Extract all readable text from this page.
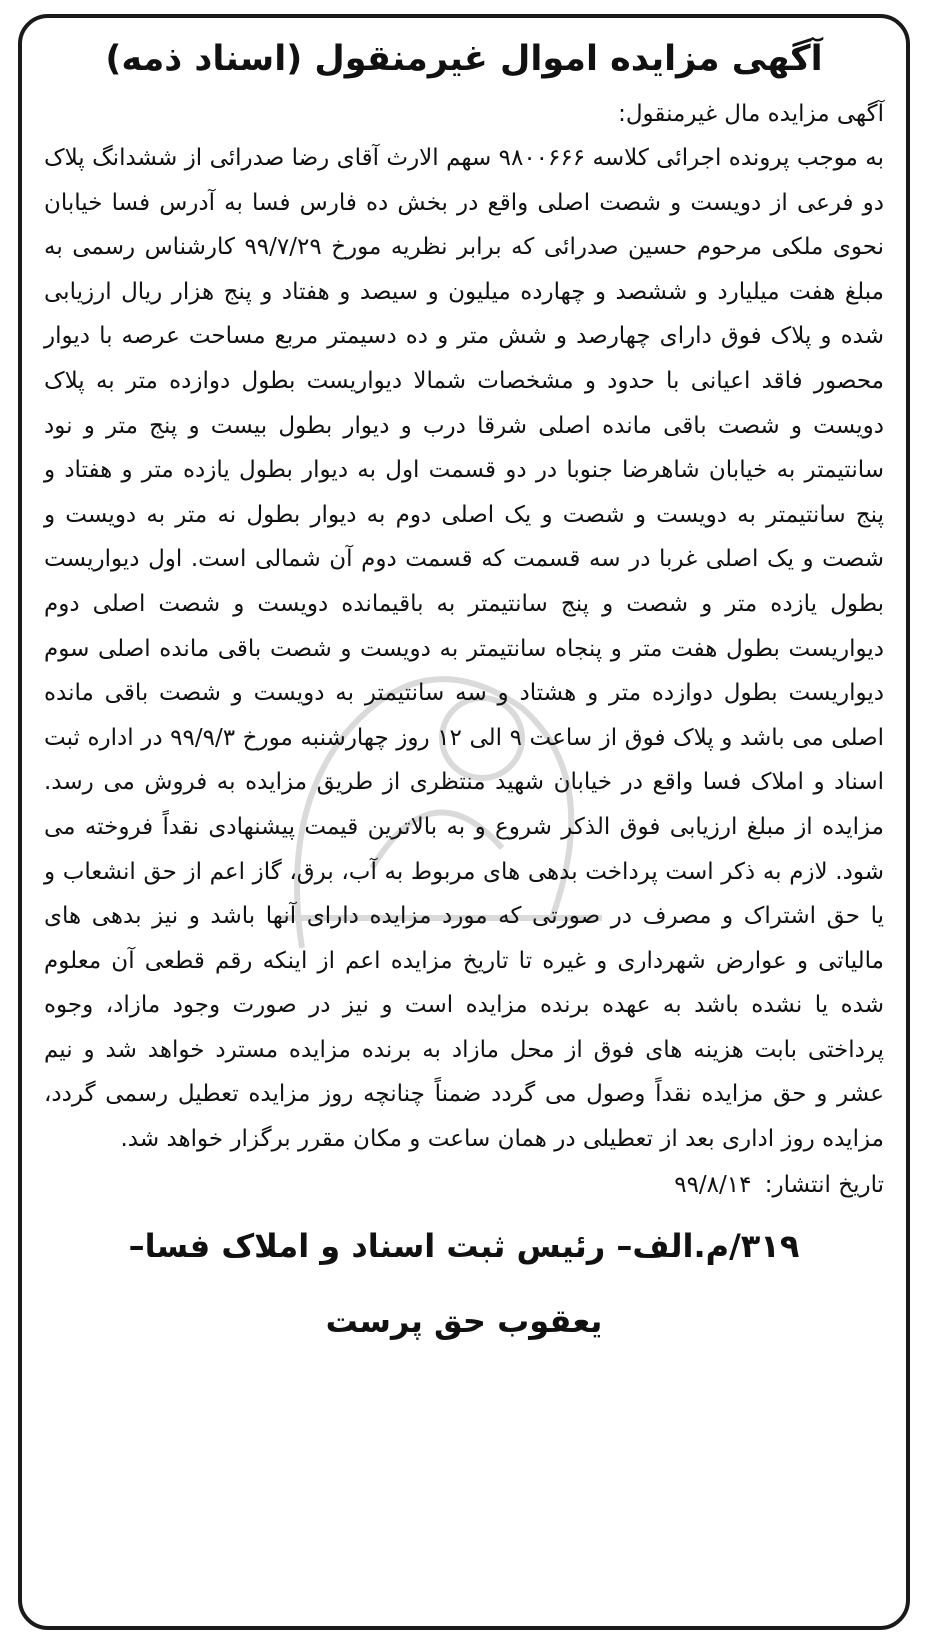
آگهی مزایده اموال غیرمنقول (اسناد ذمه)

آگهی مزایده مال غیرمنقول:

به موجب پرونده اجرائی کلاسه ۹۸۰۰۶۶۶ سهم الارث آقای رضا صدرائی از ششدانگ پلاک دو فرعی از دویست و شصت اصلی واقع در بخش ده فارس فسا به آدرس فسا خیابان نحوی ملکی مرحوم حسین صدرائی که برابر نظریه مورخ ۹۹/۷/۲۹ کارشناس رسمی به مبلغ هفت میلیارد و ششصد و چهارده میلیون و سیصد و هفتاد و پنج هزار ریال ارزیابی شده و پلاک فوق دارای چهارصد و شش متر و ده دسیمتر مربع مساحت عرصه با دیوار محصور فاقد اعیانی با حدود و مشخصات شمالا دیواریست بطول دوازده متر به پلاک دویست و شصت باقی مانده اصلی شرقا درب و دیوار بطول بیست و پنج متر و نود سانتیمتر به خیابان شاهرضا جنوبا در دو قسمت اول به دیوار بطول یازده متر و هفتاد و پنج سانتیمتر به دویست و شصت و یک اصلی دوم به دیوار بطول نه متر به دویست و شصت و یک اصلی غربا در سه قسمت که قسمت دوم آن شمالی است. اول دیواریست بطول یازده متر و شصت و پنج سانتیمتر به باقیمانده دویست و شصت اصلی دوم دیواریست بطول هفت متر و پنجاه سانتیمتر به دویست و شصت باقی مانده اصلی سوم دیواریست بطول دوازده متر و هشتاد و سه سانتیمتر به دویست و شصت باقی مانده اصلی می باشد و پلاک فوق از ساعت ۹ الی ۱۲ روز چهارشنبه مورخ ۹۹/۹/۳ در اداره ثبت اسناد و املاک فسا واقع در خیابان شهید منتظری از طریق مزایده به فروش می رسد. مزایده از مبلغ ارزیابی فوق الذکر شروع و به بالاترین قیمت پیشنهادی نقداً فروخته می شود. لازم به ذکر است پرداخت بدهی های مربوط به آب، برق، گاز اعم از حق انشعاب و یا حق اشتراک و مصرف در صورتی که مورد مزایده دارای آنها باشد و نیز بدهی های مالیاتی و عوارض شهرداری و غیره تا تاریخ مزایده اعم از اینکه رقم قطعی آن معلوم شده یا نشده باشد به عهده برنده مزایده است و نیز در صورت وجود مازاد، وجوه پرداختی بابت هزینه های فوق از محل مازاد به برنده مزایده مسترد خواهد شد و نیم عشر و حق مزایده نقداً وصول می گردد ضمناً چنانچه روز مزایده تعطیل رسمی گردد، مزایده روز اداری بعد از تعطیلی در همان ساعت و مکان مقرر برگزار خواهد شد.

تاریخ انتشار: ۹۹/۸/۱۴

۳۱۹/م.الف– رئیس ثبت اسناد و املاک فسا–
یعقوب حق پرست
